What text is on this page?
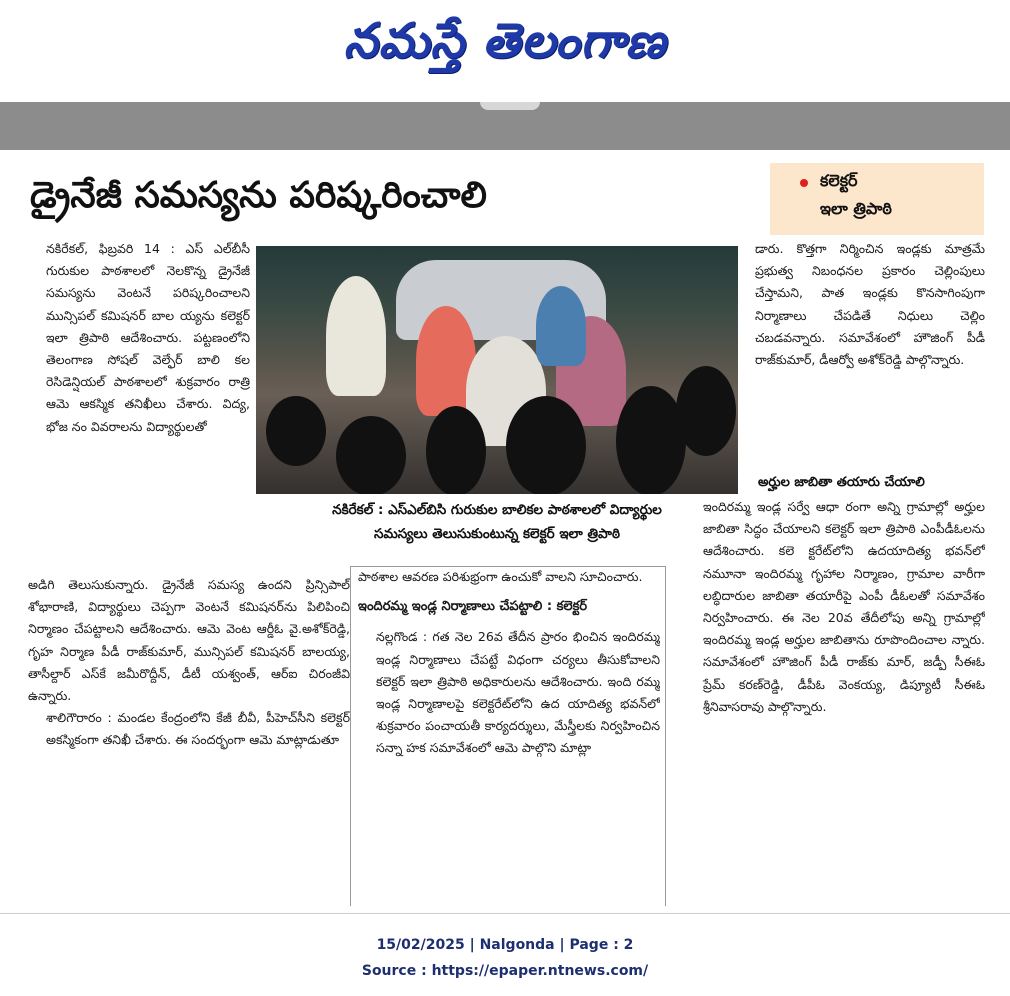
నమస్తే తెలంగాణ
డ్రైనేజీ సమస్యను పరిష్కరించాలి	కలెక్టర్
ఇలా త్రిపాఠి

నకిరేకల్, ఫిబ్రవరి 14 : ఎస్ ఎల్‌బీసీ గురుకుల పాఠశాలలో నెలకొన్న డ్రైనేజీ సమస్యను వెంటనే పరిష్కరించాలని మున్సిపల్ కమిషనర్ బాల య్యను కలెక్టర్ ఇలా త్రిపాఠి ఆదేశించారు. పట్టణంలోని తెలంగాణ సోషల్ వెల్ఫేర్ బాలి కల రెసిడెన్షియల్ పాఠశాలలో శుక్రవారం రాత్రి ఆమె ఆకస్మిక తనిఖీలు చేశారు. విద్య, భోజ నం వివరాలను విద్యార్థులతో

అడిగి తెలుసుకున్నారు. డ్రైనేజీ సమస్య ఉందని ప్రిన్సిపాల్ శోభారాణి, విద్యార్థులు చెప్పగా వెంటనే కమిషనర్‌ను పిలిపించి నిర్మాణం చేపట్టాలని ఆదేశించారు. ఆమె వెంట ఆర్డీఓ వై.అశోక్‌రెడ్డి, గృహ నిర్మాణ పీడీ రాజ్‌కుమార్, మున్సిపల్ కమిషనర్ బాలయ్య, తాసీల్దార్ ఎస్‌కే జమీరొద్దీన్, డీటీ యశ్వంత్, ఆర్ఐ చిరంజీవి ఉన్నారు.

శాలిగౌరారం : మండల కేంద్రంలోని కేజీ బీవీ, పీహెచ్‌సీని కలెక్టర్ అకస్మికంగా తనిఖీ చేశారు. ఈ సందర్భంగా ఆమె మాట్లాడుతూ

నకిరేకల్ : ఎస్ఎల్‌బిసి గురుకుల బాలికల పాఠశాలలో విద్యార్థుల
సమస్యలు తెలుసుకుంటున్న కలెక్టర్ ఇలా త్రిపాఠి

పాఠశాల ఆవరణ పరిశుభ్రంగా ఉంచుకో వాలని సూచించారు.

ఇందిరమ్మ ఇండ్ల నిర్మాణాలు చేపట్టాలి : కలెక్టర్

నల్లగొండ : గత నెల 26వ తేదీన ప్రారం భించిన ఇందిరమ్మ ఇండ్ల నిర్మాణాలు చేపట్టే విధంగా చర్యలు తీసుకోవాలని కలెక్టర్ ఇలా త్రిపాఠి అధికారులను ఆదేశించారు. ఇంది రమ్మ ఇండ్ల నిర్మాణాలపై కలెక్టరేట్‌లోని ఉద యాదిత్య భవన్‌లో శుక్రవారం పంచాయతీ కార్యదర్శులు, మేస్త్రీలకు నిర్వహించిన సన్నా హక సమావేశంలో ఆమె పాల్గొని మాట్లా

డారు. కొత్తగా నిర్మించిన ఇండ్లకు మాత్రమే ప్రభుత్వ నిబంధనల ప్రకారం చెల్లింపులు చేస్తామని, పాత ఇండ్లకు కొనసాగింపుగా నిర్మాణాలు చేపడితే నిధులు చెల్లిం చబడవన్నారు. సమావేశంలో హౌజింగ్ పీడీ రాజ్‌కుమార్, డీఆర్వో అశోక్‌రెడ్డి పాల్గొన్నారు.

అర్హుల జాబితా తయారు చేయాలి

ఇందిరమ్మ ఇండ్ల సర్వే ఆధా రంగా అన్ని గ్రామాల్లో అర్హుల జాబితా సిద్ధం చేయాలని కలెక్టర్ ఇలా త్రిపాఠి ఎంపీడీఓలను ఆదేశించారు. కలె క్టరేట్‌లోని ఉదయాదిత్య భవన్‌లో నమూనా ఇందిరమ్మ గృహాల నిర్మాణం, గ్రామాల వారీగా లబ్ధిదారుల జాబితా తయారీపై ఎంపీ డీఓలతో సమావేశం నిర్వహించారు. ఈ నెల 20వ తేదీలోపు అన్ని గ్రామాల్లో ఇందిరమ్మ ఇండ్ల అర్హుల జాబితాను రూపొందించాల న్నారు. సమావేశంలో హౌజింగ్ పీడీ రాజ్‌కు మార్, జడ్పీ సీఈఓ ప్రేమ్ కరణ్‌రెడ్డి, డీపీఓ వెంకయ్య, డిప్యూటీ సీఈఓ శ్రీనివాసరావు పాల్గొన్నారు.

15/02/2025 | Nalgonda | Page : 2
Source : https://epaper.ntnews.com/
